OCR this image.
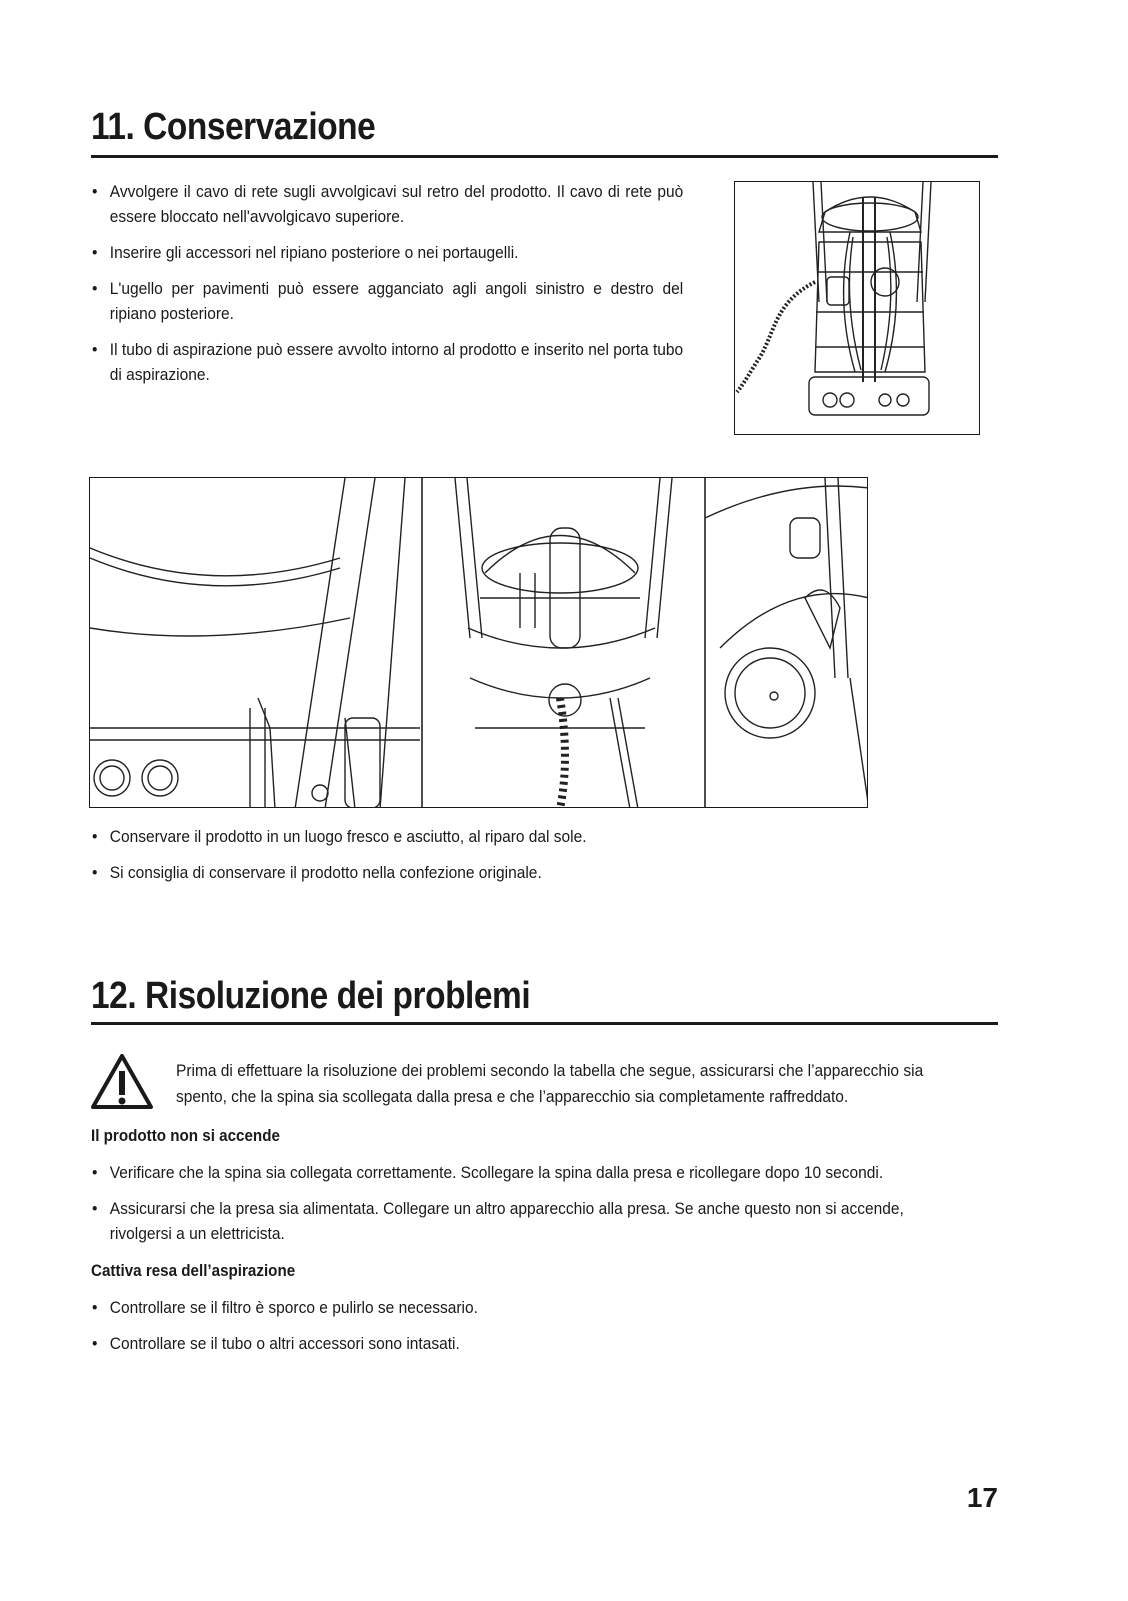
11. Conservazione
• Avvolgere il cavo di rete sugli avvolgicavi sul retro del prodotto. Il cavo di rete può essere bloccato nell'avvolgicavo superiore.
• Inserire gli accessori nel ripiano posteriore o nei portaugelli.
• L'ugello per pavimenti può essere agganciato agli angoli sinistro e destro del ripiano posteriore.
• Il tubo di aspirazione può essere avvolto intorno al prodotto e inserito nel porta tubo di aspirazione.
• Conservare il prodotto in un luogo fresco e asciutto, al riparo dal sole.
• Si consiglia di conservare il prodotto nella confezione originale.
12. Risoluzione dei problemi
Prima di effettuare la risoluzione dei problemi secondo la tabella che segue, assicurarsi che l’apparecchio sia spento, che la spina sia scollegata dalla presa e che l’apparecchio sia completamente raffreddato.
Il prodotto non si accende
• Verificare che la spina sia collegata correttamente. Scollegare la spina dalla presa e ricollegare dopo 10 secondi.
• Assicurarsi che la presa sia alimentata. Collegare un altro apparecchio alla presa. Se anche questo non si accende, rivolgersi a un elettricista.
Cattiva resa dell’aspirazione
• Controllare se il filtro è sporco e pulirlo se necessario.
• Controllare se il tubo o altri accessori sono intasati.
17
